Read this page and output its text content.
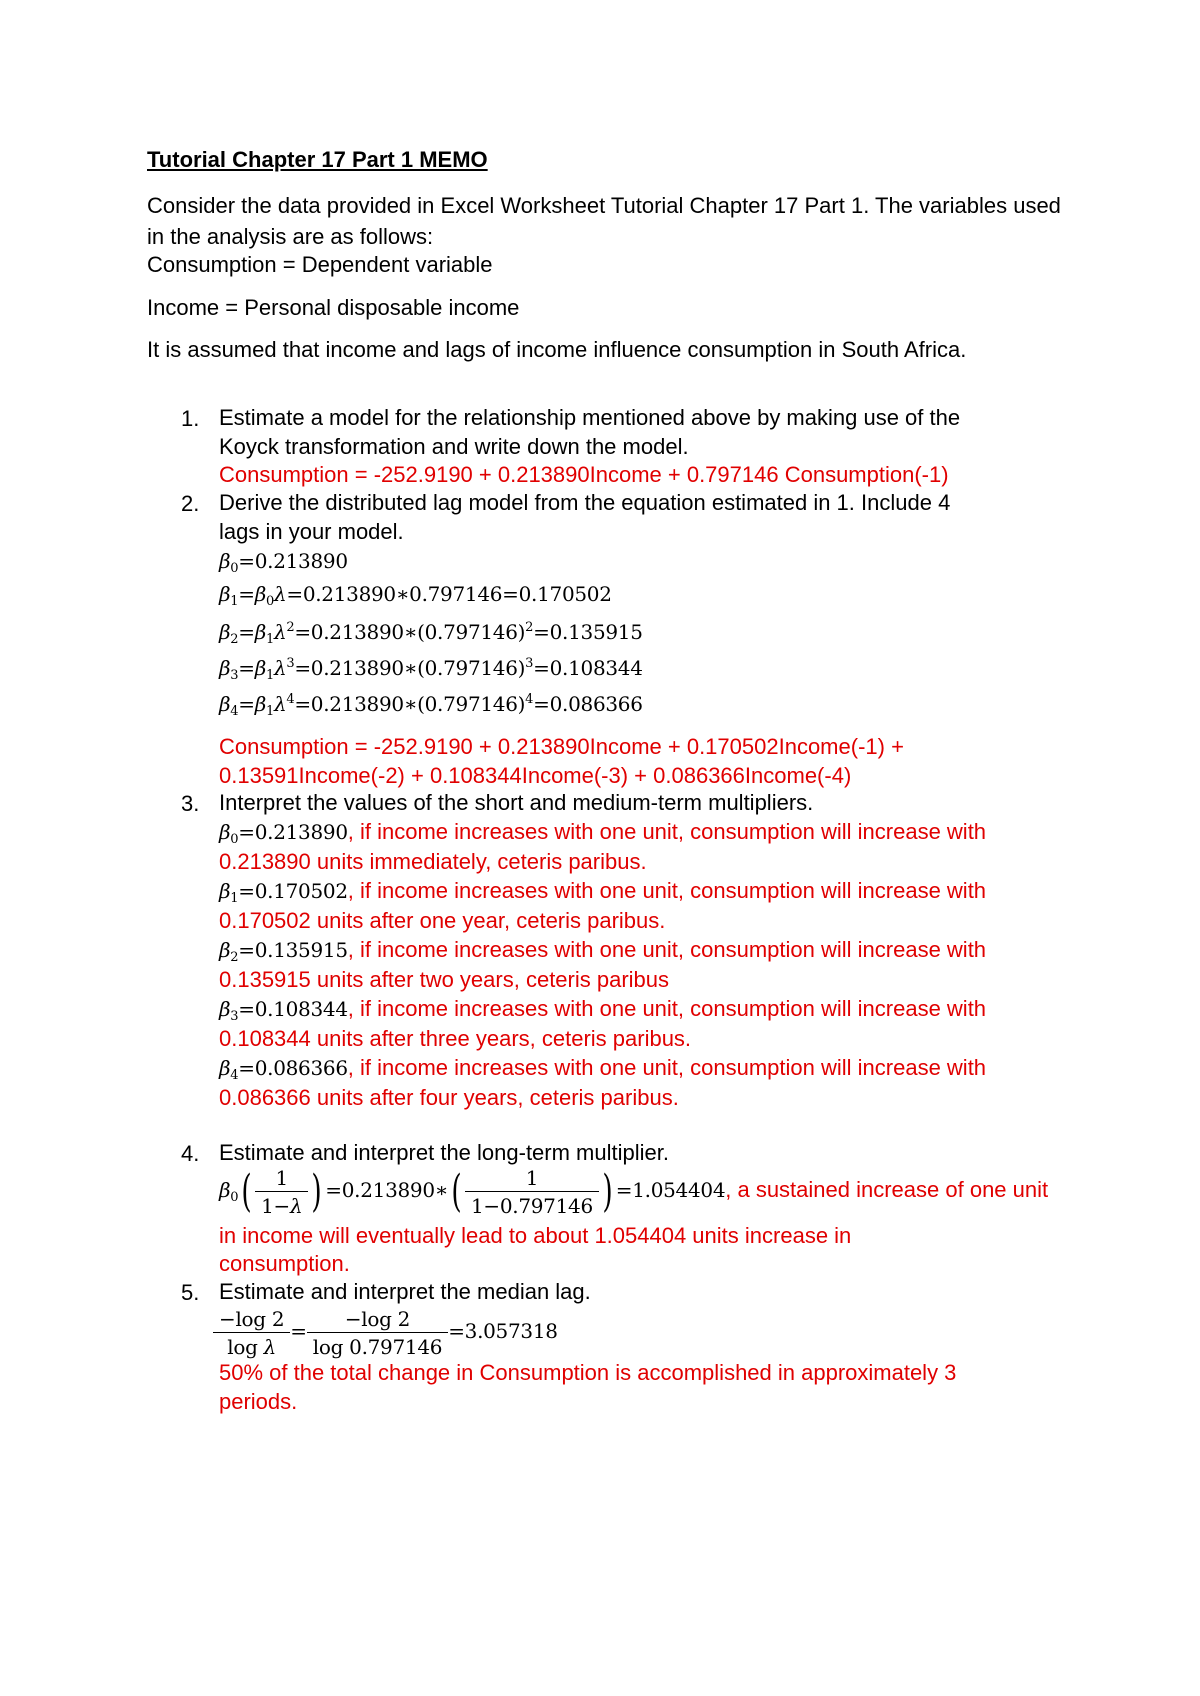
Tutorial Chapter 17 Part 1 MEMO

Consider the data provided in Excel Worksheet Tutorial Chapter 17 Part 1. The variables used in the analysis are as follows:

Consumption = Dependent variable

Income = Personal disposable income

It is assumed that income and lags of income influence consumption in South Africa.

1. Estimate a model for the relationship mentioned above by making use of the
Koyck transformation and write down the model.
Consumption = -252.9190 + 0.213890Income + 0.797146 Consumption(-1)
2. Derive the distributed lag model from the equation estimated in 1. Include 4
lags in your model.
$\beta_0=0.213890$
$\beta_1=\beta_0\lambda=0.213890∗0.797146=0.170502$
$\beta_2=\beta_1\lambda^2=0.213890∗(0.797146)^2=0.135915$
$\beta_3=\beta_1\lambda^3=0.213890∗(0.797146)^3=0.108344$
$\beta_4=\beta_1\lambda^4=0.213890∗(0.797146)^4=0.086366$
Consumption = -252.9190 + 0.213890Income + 0.170502Income(-1) +
0.13591Income(-2) + 0.108344Income(-3) + 0.086366Income(-4)
3. Interpret the values of the short and medium-term multipliers.
$\beta_0=0.213890$, if income increases with one unit, consumption will increase with
0.213890 units immediately, ceteris paribus.
$\beta_1=0.170502$, if income increases with one unit, consumption will increase with
0.170502 units after one year, ceteris paribus.
$\beta_2=0.135915$, if income increases with one unit, consumption will increase with
0.135915 units after two years, ceteris paribus
$\beta_3=0.108344$, if income increases with one unit, consumption will increase with
0.108344 units after three years, ceteris paribus.
$\beta_4=0.086366$, if income increases with one unit, consumption will increase with
0.086366 units after four years, ceteris paribus.
4. Estimate and interpret the long-term multiplier.
$\beta_0( \frac{1}{1-\lambda}$ ) =0.213890∗( $\frac{1}{1-0.797146}$ ) =1.054404, a sustained increase of one unit
in income will eventually lead to about 1.054404 units increase in
consumption.
5. Estimate and interpret the median lag.
$\frac{-\log 2}{\text{log λ}} = \frac{-\log 2}{\log 0.797146} =3.057318$
50% of the total change in Consumption is accomplished in approximately 3
periods.
